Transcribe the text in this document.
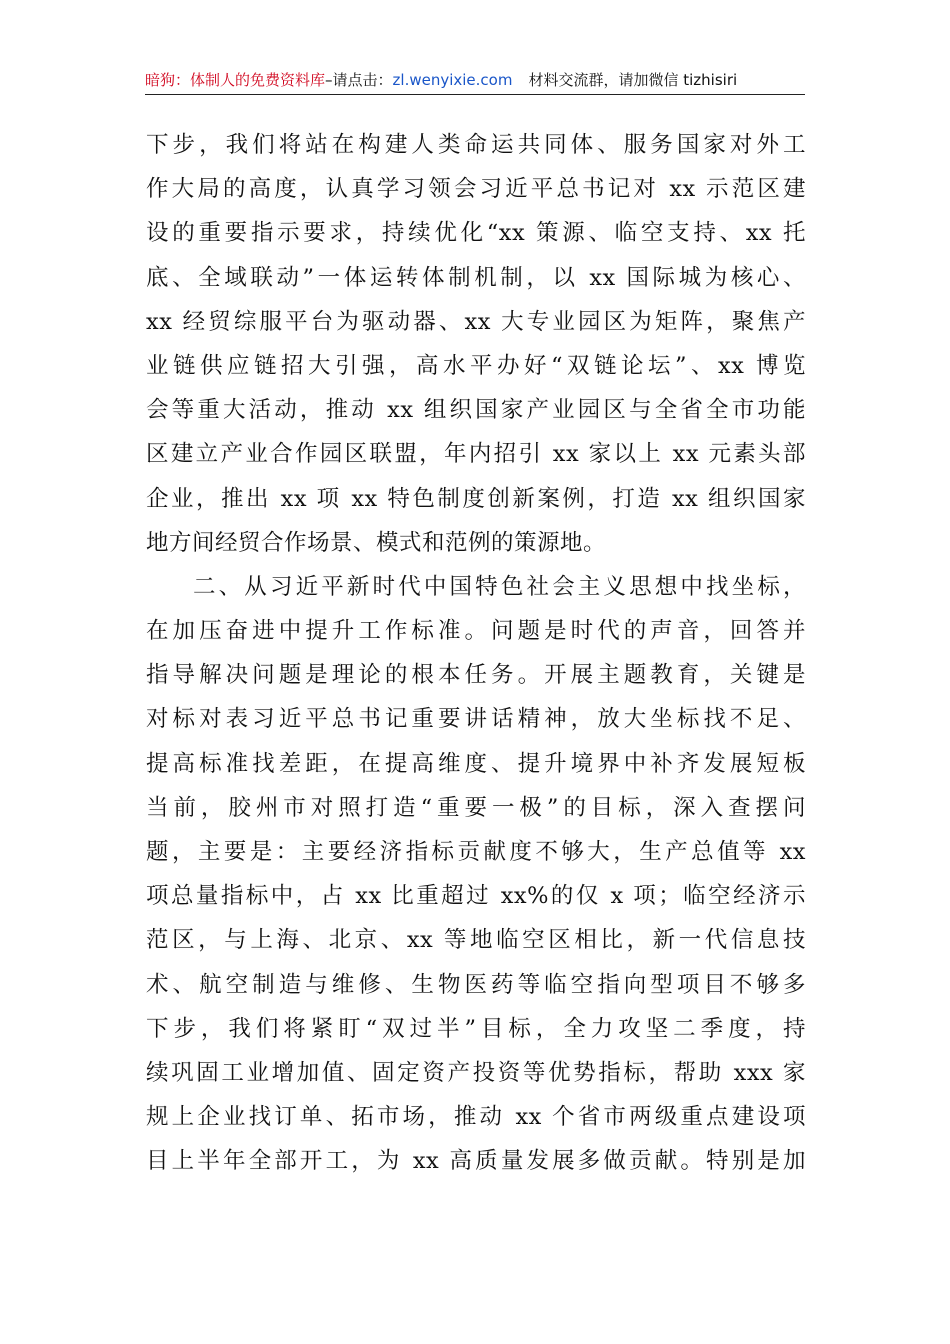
暗狗：体制人的免费资料库–请点击：zl.wenyixie.com 材料交流群，请加微信 tizhisiri
下步，我们将站在构建人类命运共同体、服务国家对外工
作大局的高度，认真学习领会习近平总书记对 xx 示范区建
设的重要指示要求，持续优化“xx 策源、临空支持、xx 托
底、全域联动”一体运转体制机制，以 xx 国际城为核心、
xx 经贸综服平台为驱动器、xx 大专业园区为矩阵，聚焦产
业链供应链招大引强，高水平办好“双链论坛”、xx 博览
会等重大活动，推动 xx 组织国家产业园区与全省全市功能
区建立产业合作园区联盟，年内招引 xx 家以上 xx 元素头部
企业，推出 xx 项 xx 特色制度创新案例，打造 xx 组织国家
地方间经贸合作场景、模式和范例的策源地。
二、从习近平新时代中国特色社会主义思想中找坐标，
在加压奋进中提升工作标准。问题是时代的声音，回答并
指导解决问题是理论的根本任务。开展主题教育，关键是
对标对表习近平总书记重要讲话精神，放大坐标找不足、
提高标准找差距，在提高维度、提升境界中补齐发展短板
当前，胶州市对照打造“重要一极”的目标，深入查摆问
题，主要是：主要经济指标贡献度不够大，生产总值等 xx
项总量指标中，占 xx 比重超过 xx%的仅 x 项；临空经济示
范区，与上海、北京、xx 等地临空区相比，新一代信息技
术、航空制造与维修、生物医药等临空指向型项目不够多
下步，我们将紧盯“双过半”目标，全力攻坚二季度，持
续巩固工业增加值、固定资产投资等优势指标，帮助 xxx 家
规上企业找订单、拓市场，推动 xx 个省市两级重点建设项
目上半年全部开工，为 xx 高质量发展多做贡献。特别是加
